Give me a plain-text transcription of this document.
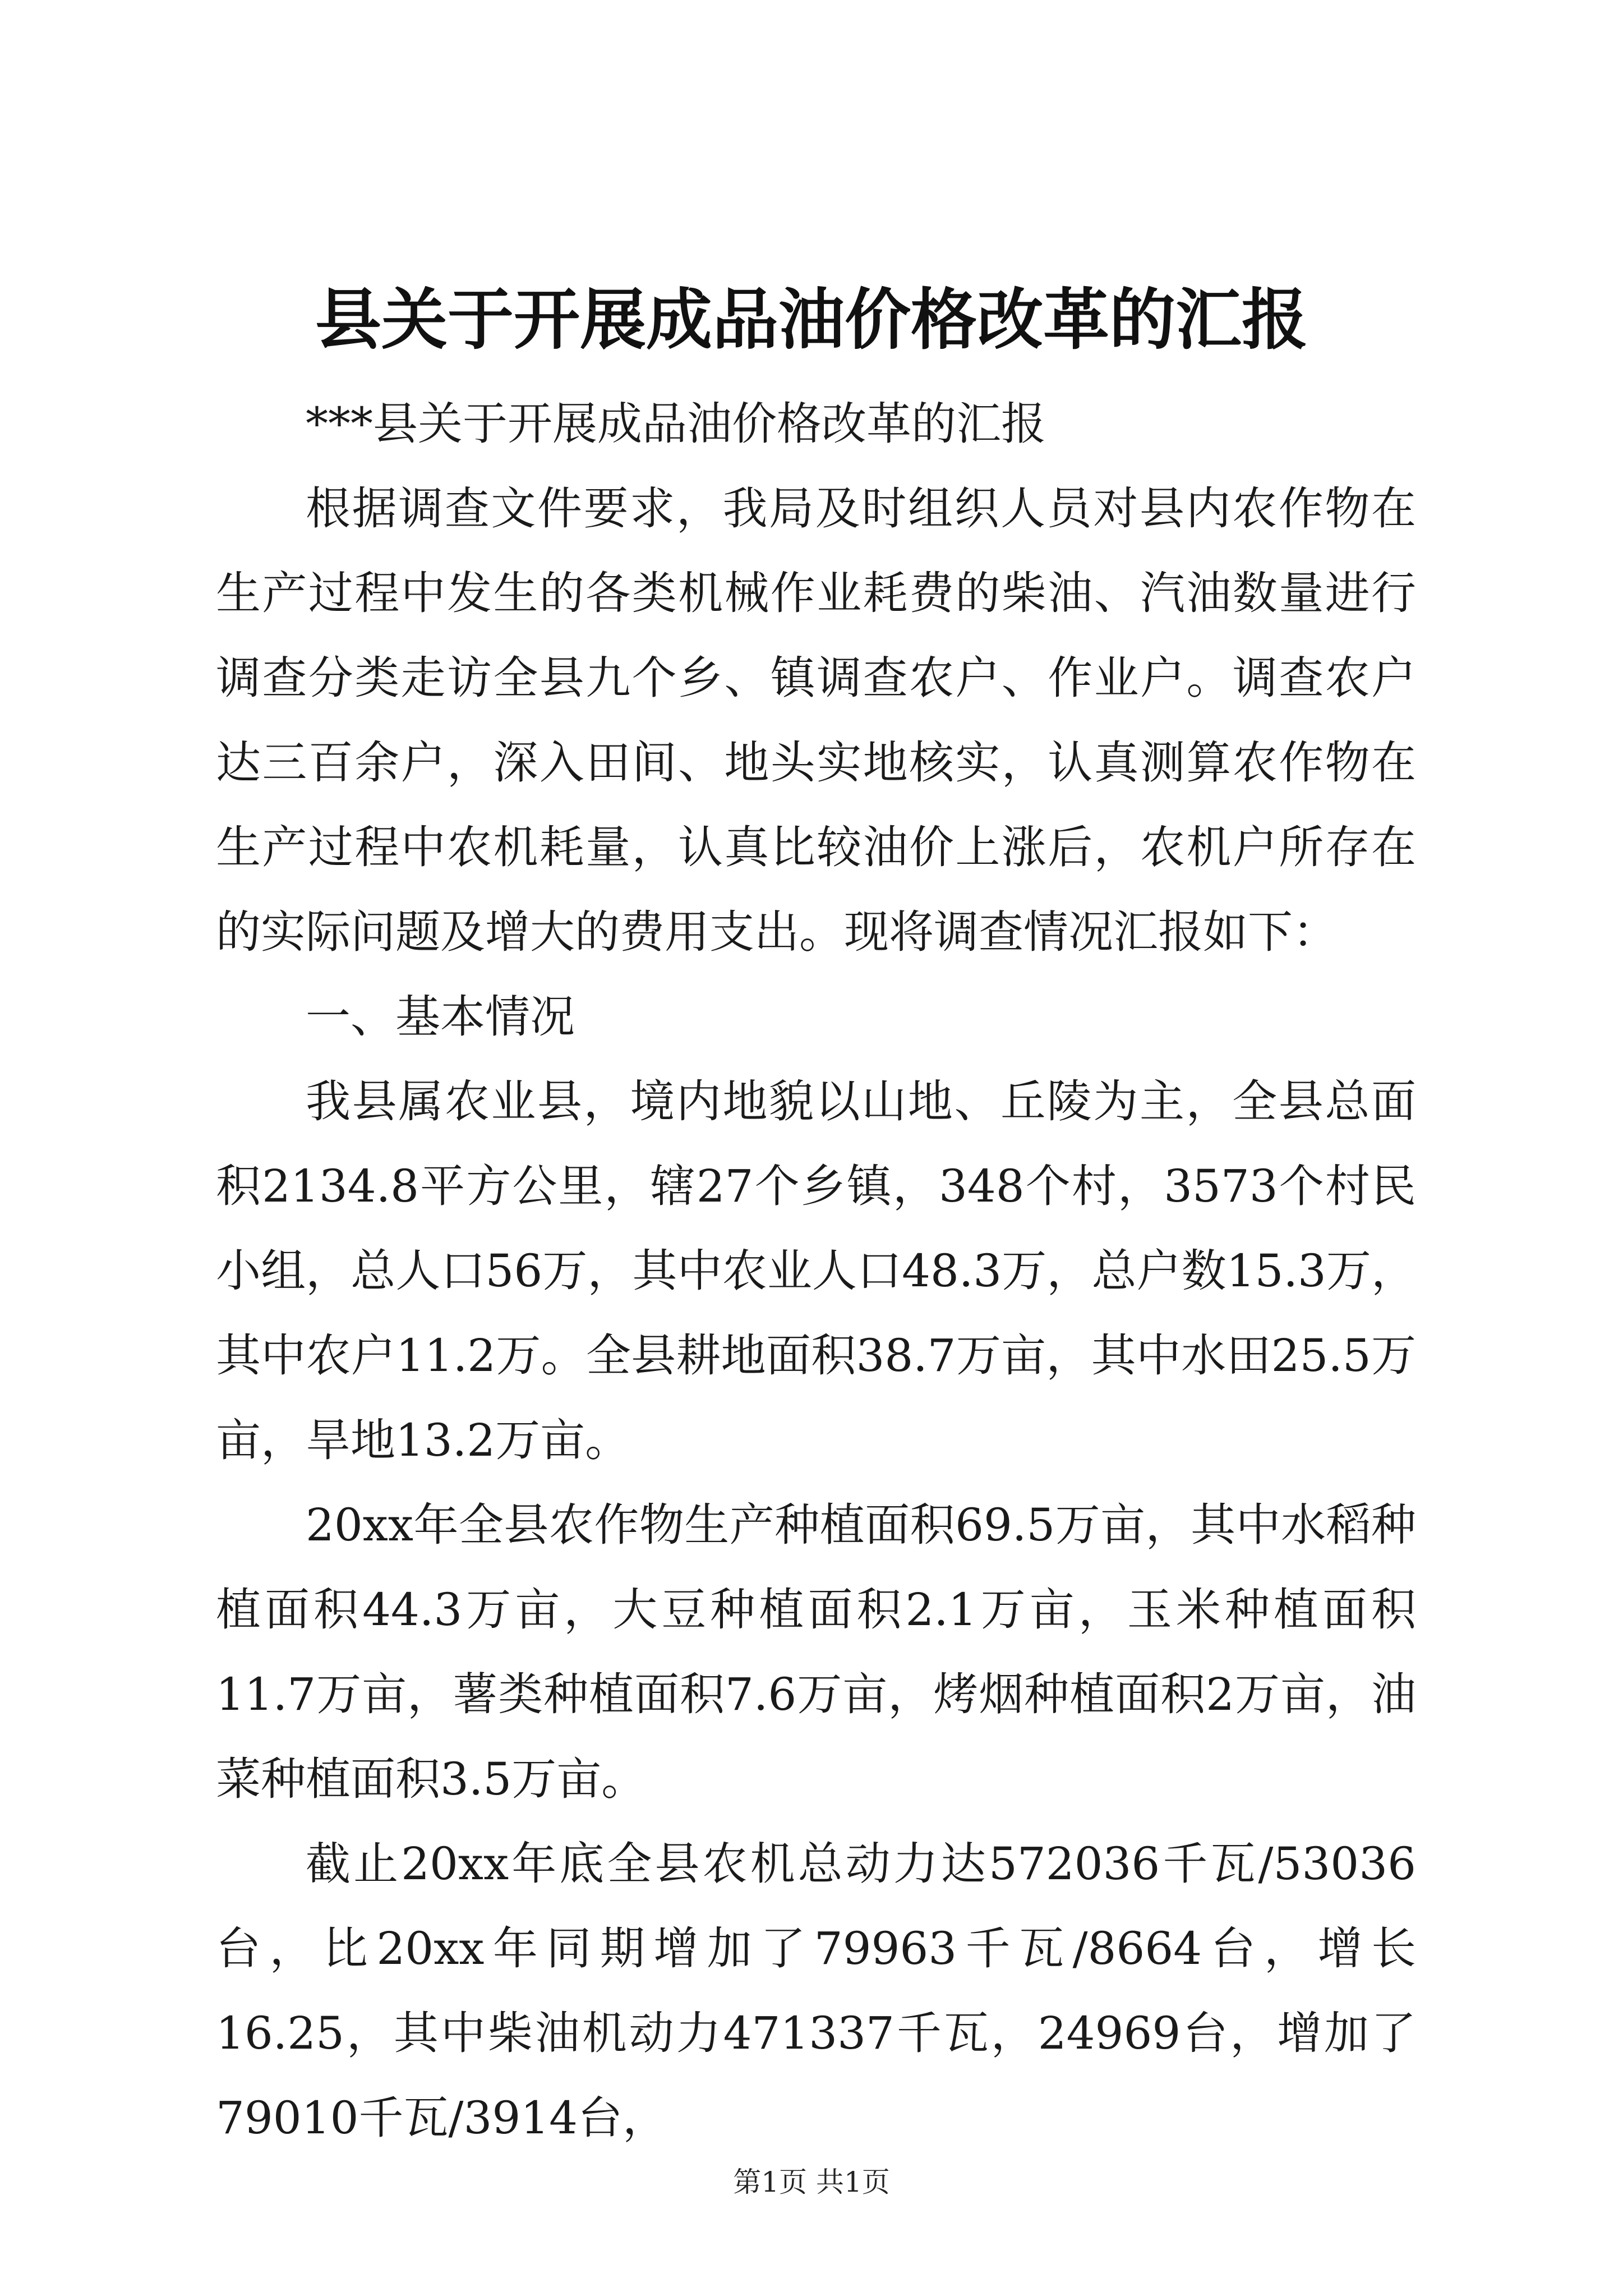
县关于开展成品油价格改革的汇报

***县关于开展成品油价格改革的汇报

根据调查文件要求，我局及时组织人员对县内农作物在生产过程中发生的各类机械作业耗费的柴油、汽油数量进行调查分类走访全县九个乡、镇调查农户、作业户。调查农户达三百余户，深入田间、地头实地核实，认真测算农作物在生产过程中农机耗量，认真比较油价上涨后，农机户所存在的实际问题及增大的费用支出。现将调查情况汇报如下：

一、基本情况

我县属农业县，境内地貌以山地、丘陵为主，全县总面积2134.8平方公里，辖27个乡镇，348个村，3573个村民小组，总人口56万，其中农业人口48.3万，总户数15.3万，其中农户11.2万。全县耕地面积38.7万亩，其中水田25.5万亩，旱地13.2万亩。

20xx年全县农作物生产种植面积69.5万亩，其中水稻种植面积44.3万亩，大豆种植面积2.1万亩，玉米种植面积11.7万亩，薯类种植面积7.6万亩，烤烟种植面积2万亩，油菜种植面积3.5万亩。

截止20xx年底全县农机总动力达572036千瓦/53036台，比20xx年同期增加了79963千瓦/8664台，增长16.25，其中柴油机动力471337千瓦，24969台，增加了79010千瓦/3914台，

第1页 共1页
